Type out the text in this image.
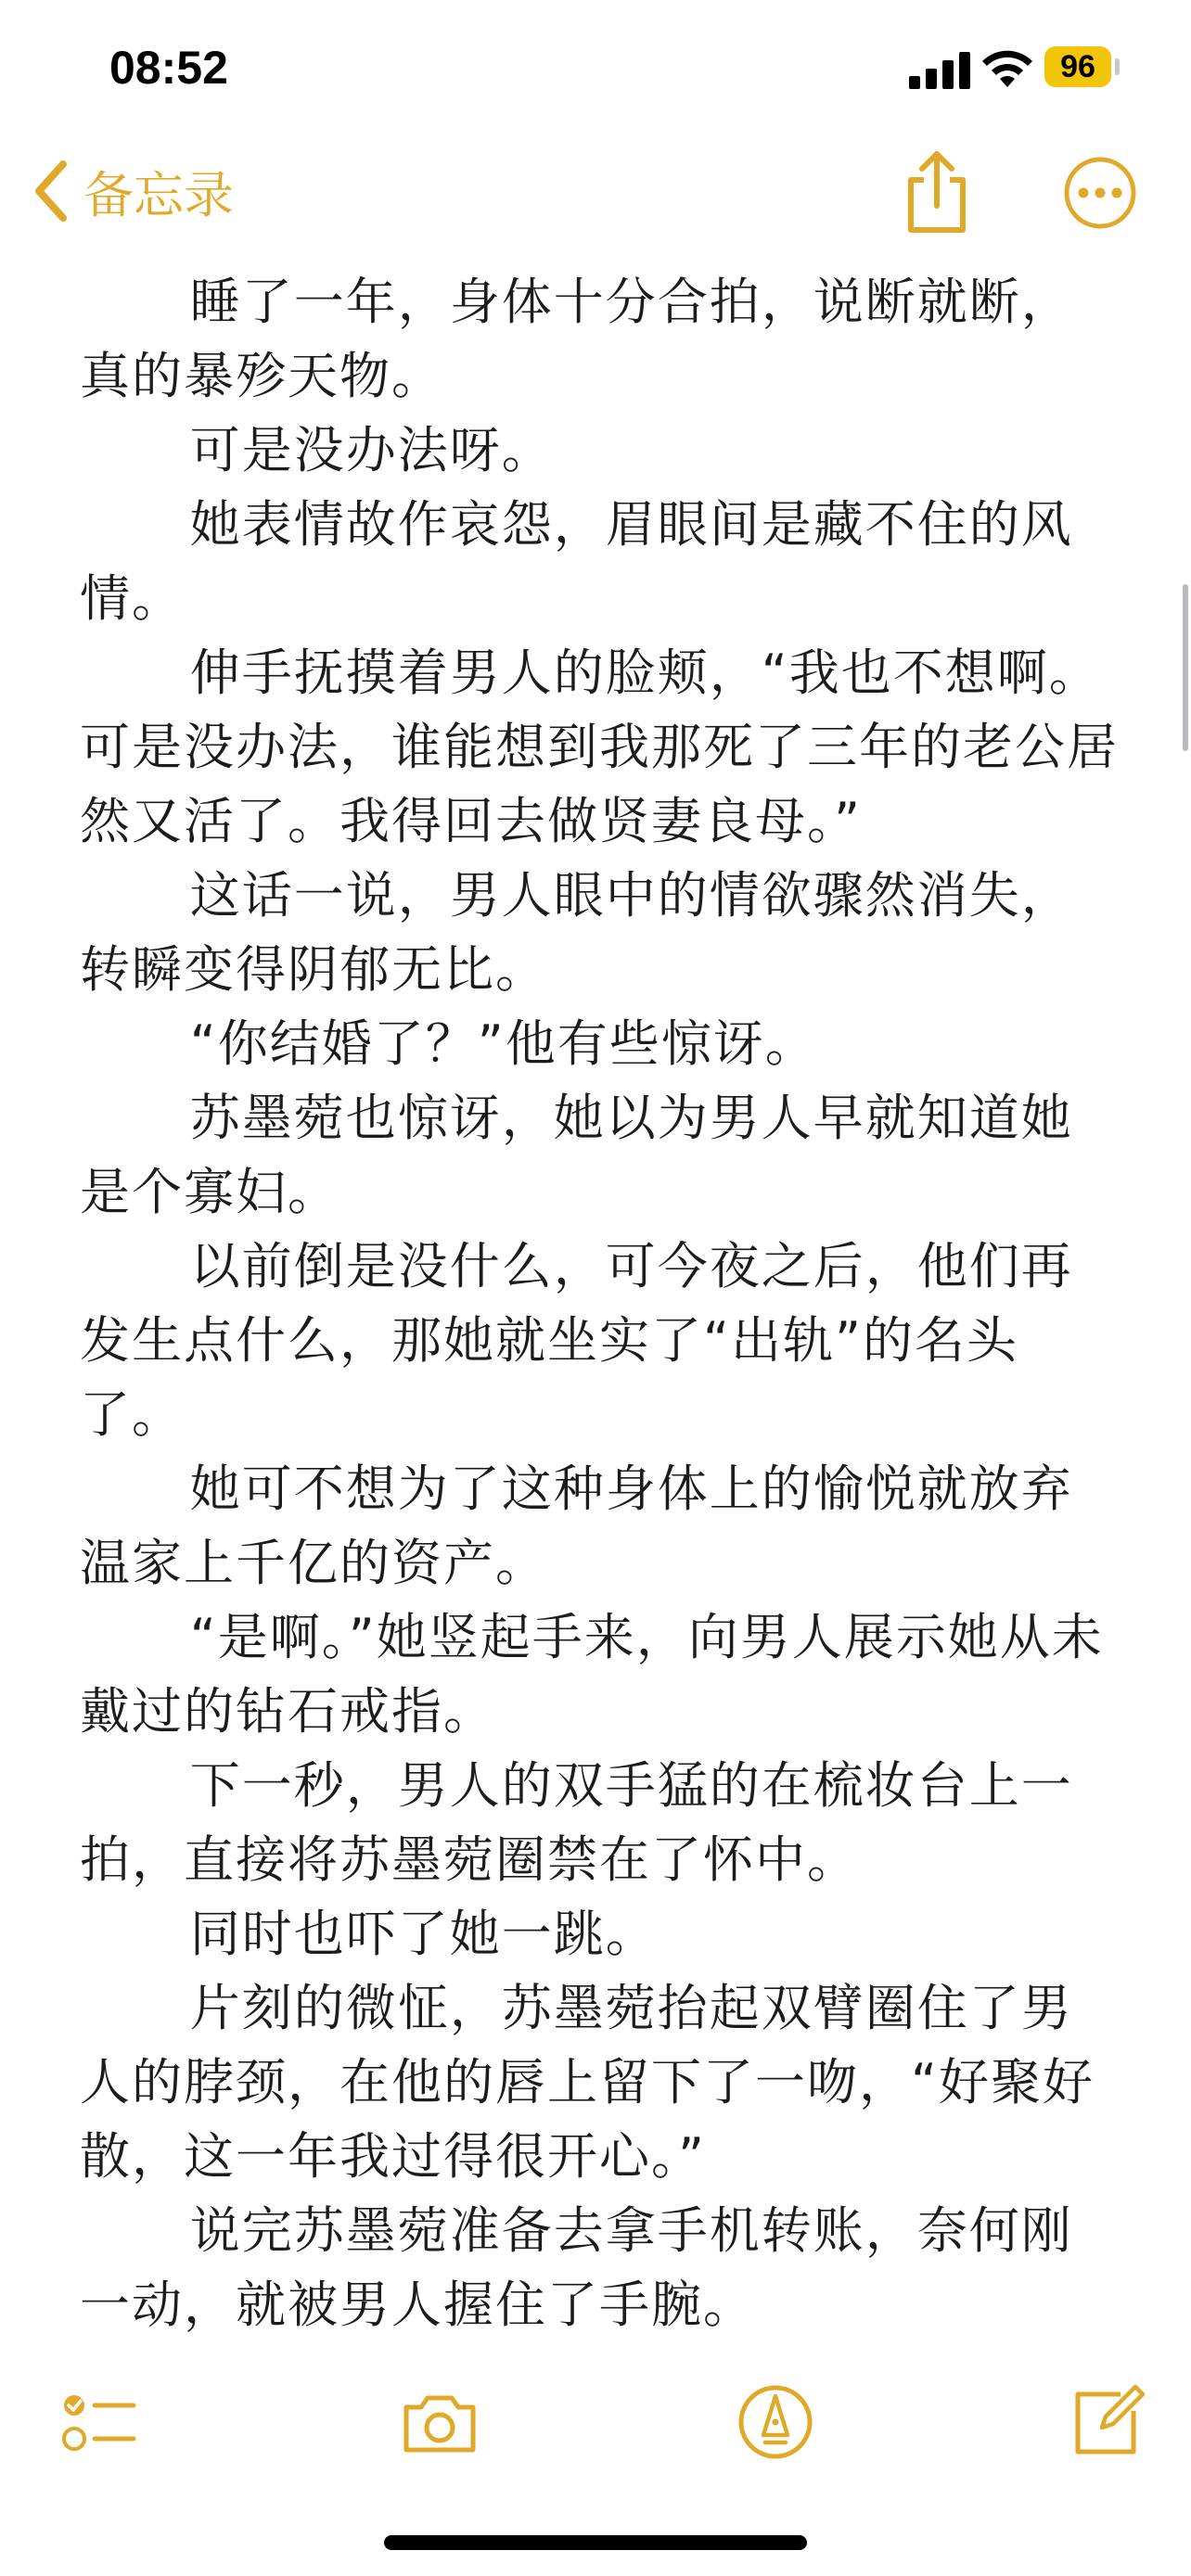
08:52	96
备忘录

睡了一年，身体十分合拍，说断就断，真的暴殄天物。

可是没办法呀。

她表情故作哀怨，眉眼间是藏不住的风情。

伸手抚摸着男人的脸颊，“我也不想啊。可是没办法，谁能想到我那死了三年的老公居然又活了。我得回去做贤妻良母。”

这话一说，男人眼中的情欲骤然消失，转瞬变得阴郁无比。

“你结婚了？”他有些惊讶。

苏墨菀也惊讶，她以为男人早就知道她是个寡妇。

以前倒是没什么，可今夜之后，他们再发生点什么，那她就坐实了“出轨”的名头了。

她可不想为了这种身体上的愉悦就放弃温家上千亿的资产。

“是啊。”她竖起手来，向男人展示她从未戴过的钻石戒指。

下一秒，男人的双手猛的在梳妆台上一拍，直接将苏墨菀圈禁在了怀中。

同时也吓了她一跳。

片刻的微怔，苏墨菀抬起双臂圈住了男人的脖颈，在他的唇上留下了一吻，“好聚好散，这一年我过得很开心。”

说完苏墨菀准备去拿手机转账，奈何刚一动，就被男人握住了手腕。
